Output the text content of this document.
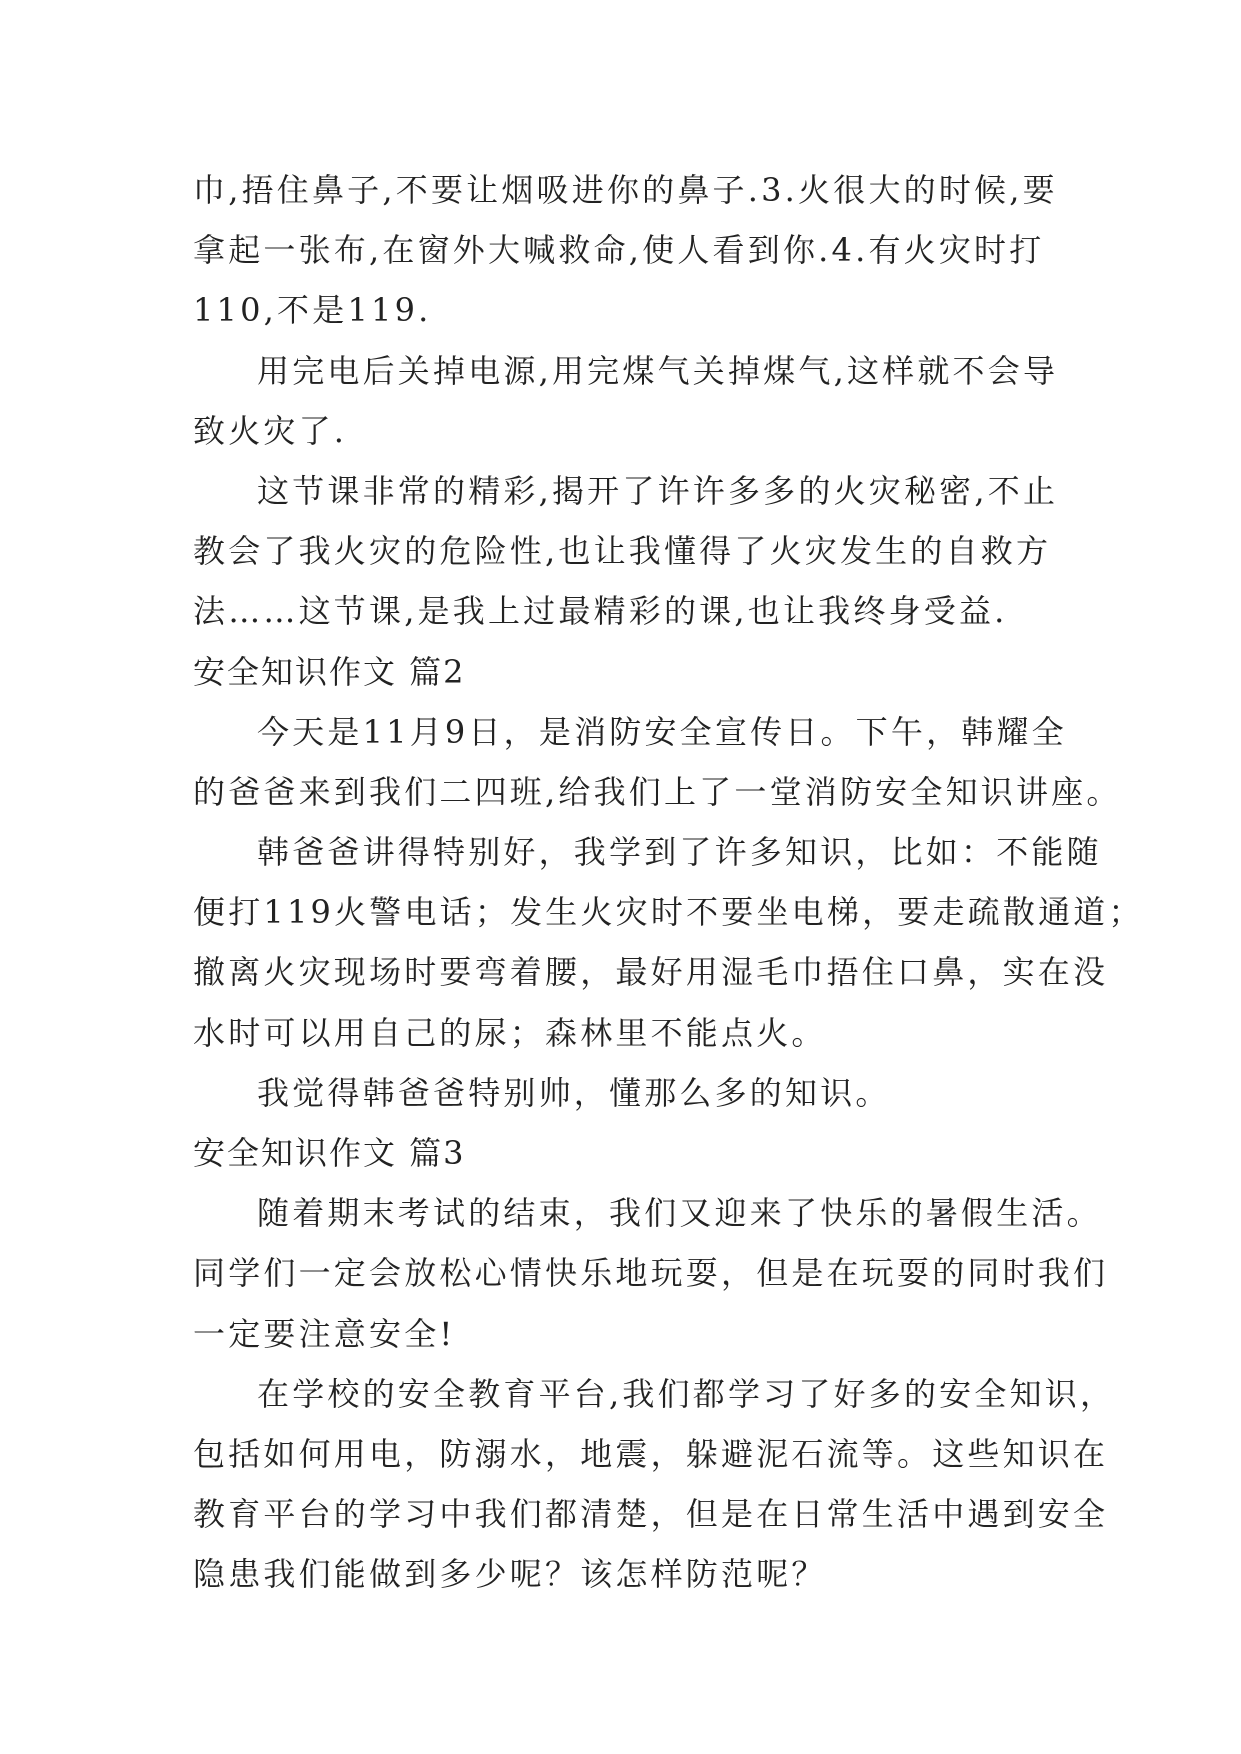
巾,捂住鼻子,不要让烟吸进你的鼻子.3.火很大的时候,要
拿起一张布,在窗外大喊救命,使人看到你.4.有火灾时打
110,不是119.
用完电后关掉电源,用完煤气关掉煤气,这样就不会导
致火灾了.
这节课非常的精彩,揭开了许许多多的火灾秘密,不止
教会了我火灾的危险性,也让我懂得了火灾发生的自救方
法……这节课,是我上过最精彩的课,也让我终身受益.
安全知识作文 篇2
今天是11月9日，是消防安全宣传日。下午，韩耀全
的爸爸来到我们二四班,给我们上了一堂消防安全知识讲座。
韩爸爸讲得特别好，我学到了许多知识，比如：不能随
便打119火警电话；发生火灾时不要坐电梯，要走疏散通道；
撤离火灾现场时要弯着腰，最好用湿毛巾捂住口鼻，实在没
水时可以用自己的尿；森林里不能点火。
我觉得韩爸爸特别帅，懂那么多的知识。
安全知识作文 篇3
随着期末考试的结束，我们又迎来了快乐的暑假生活。
同学们一定会放松心情快乐地玩耍，但是在玩耍的同时我们
一定要注意安全!
在学校的安全教育平台,我们都学习了好多的安全知识，
包括如何用电，防溺水，地震，躲避泥石流等。这些知识在
教育平台的学习中我们都清楚，但是在日常生活中遇到安全
隐患我们能做到多少呢？该怎样防范呢？
